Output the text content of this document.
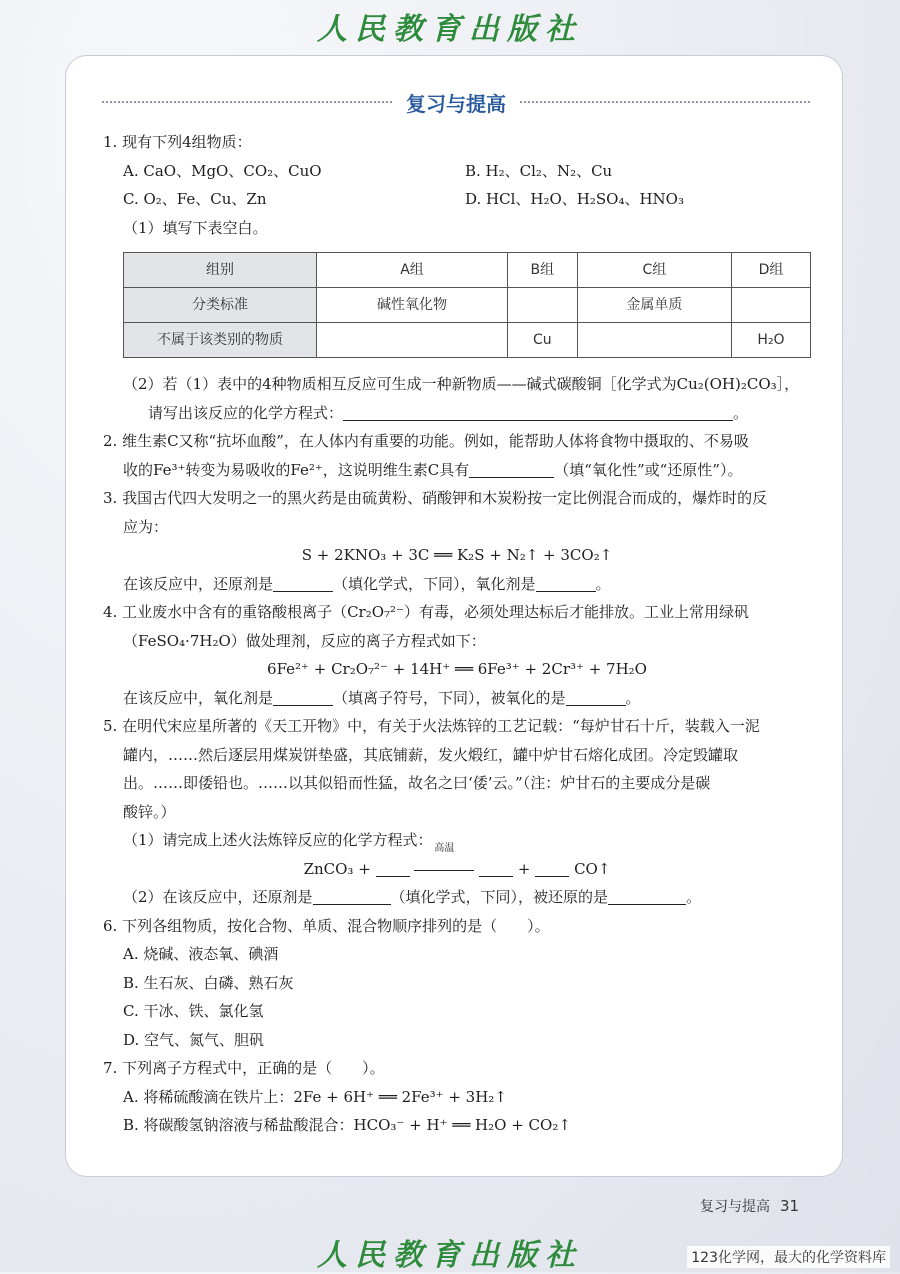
人民教育出版社
复习与提高

1. 现有下列4组物质：

A. CaO、MgO、CO₂、CuO	B. H₂、Cl₂、N₂、Cu
C. O₂、Fe、Cu、Zn	D. HCl、H₂O、H₂SO₄、HNO₃

（1）填写下表空白。

组别	A组	B组	C组	D组
分类标准	碱性氧化物		金属单质	
不属于该类别的物质		Cu		H₂O

（2）若（1）表中的4种物质相互反应可生成一种新物质——碱式碳酸铜［化学式为Cu₂(OH)₂CO₃］，

请写出该反应的化学方程式：	。

2. 维生素C又称“抗坏血酸”，在人体内有重要的功能。例如，能帮助人体将食物中摄取的、不易吸

收的Fe³⁺转变为易吸收的Fe²⁺，这说明维生素C具有	（填“氧化性”或“还原性”）。

3. 我国古代四大发明之一的黑火药是由硫黄粉、硝酸钾和木炭粉按一定比例混合而成的，爆炸时的反

应为：

S + 2KNO₃ + 3C ══ K₂S + N₂↑ + 3CO₂↑

在该反应中，还原剂是	（填化学式，下同），氧化剂是	。

4. 工业废水中含有的重铬酸根离子（Cr₂O₇²⁻）有毒，必须处理达标后才能排放。工业上常用绿矾

（FeSO₄·7H₂O）做处理剂，反应的离子方程式如下：

6Fe²⁺ + Cr₂O₇²⁻ + 14H⁺ ══ 6Fe³⁺ + 2Cr³⁺ + 7H₂O

在该反应中，氧化剂是	（填离子符号，下同），被氧化的是	。

5. 在明代宋应星所著的《天工开物》中，有关于火法炼锌的工艺记载：“每炉甘石十斤，装载入一泥

罐内，……然后逐层用煤炭饼垫盛，其底铺薪，发火煅红，罐中炉甘石熔化成团。冷定毁罐取

出。……即倭铅也。……以其似铅而性猛，故名之曰‘倭’云。”（注：炉甘石的主要成分是碳

酸锌。）

（1）请完成上述火法炼锌反应的化学方程式：

ZnCO₃ +
高温
+	CO↑

（2）在该反应中，还原剂是	（填化学式，下同），被还原的是	。

6. 下列各组物质，按化合物、单质、混合物顺序排列的是（　　）。

A. 烧碱、液态氧、碘酒

B. 生石灰、白磷、熟石灰

C. 干冰、铁、氯化氢

D. 空气、氮气、胆矾

7. 下列离子方程式中，正确的是（　　）。

A. 将稀硫酸滴在铁片上：2Fe + 6H⁺ ══ 2Fe³⁺ + 3H₂↑

B. 将碳酸氢钠溶液与稀盐酸混合：HCO₃⁻ + H⁺ ══ H₂O + CO₂↑

复习与提高 31
人民教育出版社	123化学网，最大的化学资料库
